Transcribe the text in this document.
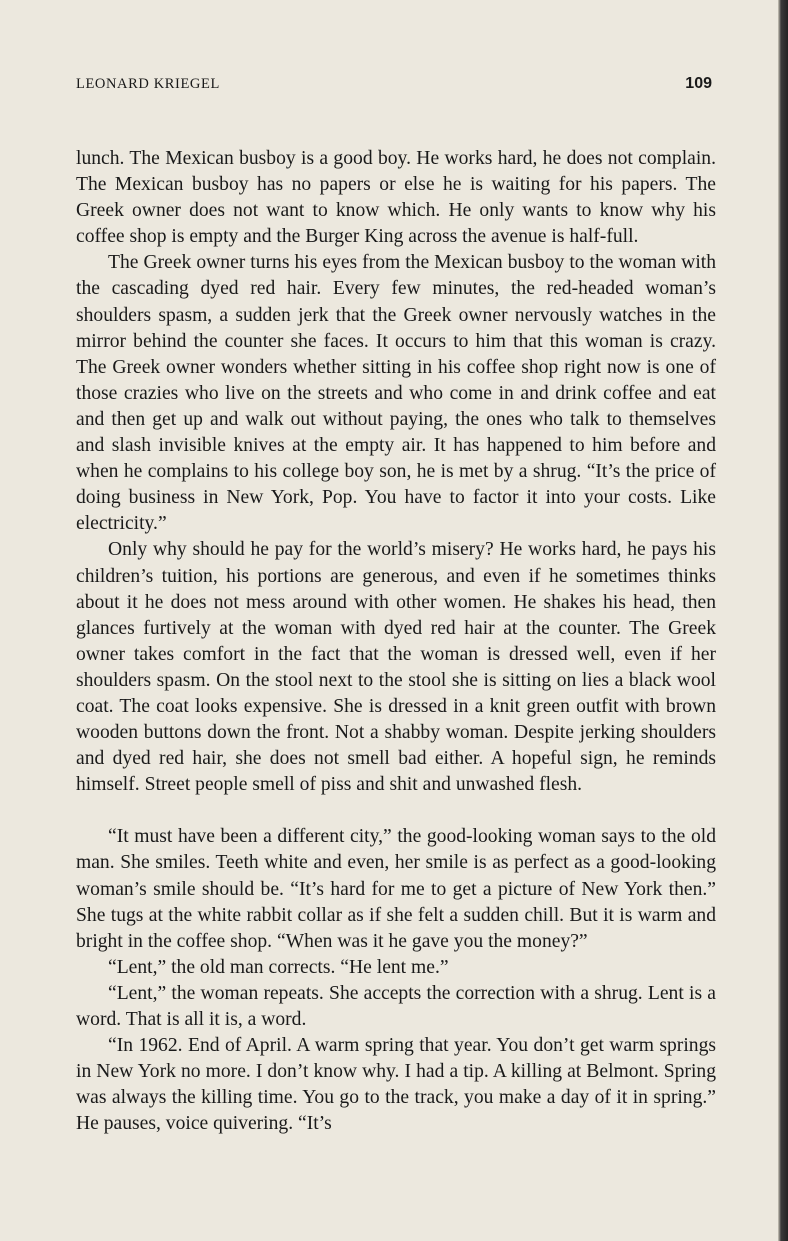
LEONARD KRIEGEL	109

lunch. The Mexican busboy is a good boy. He works hard, he does not complain. The Mexican busboy has no papers or else he is waiting for his papers. The Greek owner does not want to know which. He only wants to know why his coffee shop is empty and the Burger King across the avenue is half-full.

The Greek owner turns his eyes from the Mexican busboy to the woman with the cascading dyed red hair. Every few minutes, the red-headed woman’s shoulders spasm, a sudden jerk that the Greek owner nervously watches in the mirror behind the counter she faces. It occurs to him that this woman is crazy. The Greek owner wonders whether sitting in his coffee shop right now is one of those crazies who live on the streets and who come in and drink coffee and eat and then get up and walk out without paying, the ones who talk to themselves and slash invisible knives at the empty air. It has happened to him before and when he complains to his college boy son, he is met by a shrug. “It’s the price of doing business in New York, Pop. You have to factor it into your costs. Like electricity.”

Only why should he pay for the world’s misery? He works hard, he pays his children’s tuition, his portions are generous, and even if he sometimes thinks about it he does not mess around with other women. He shakes his head, then glances furtively at the woman with dyed red hair at the counter. The Greek owner takes comfort in the fact that the woman is dressed well, even if her shoulders spasm. On the stool next to the stool she is sitting on lies a black wool coat. The coat looks expensive. She is dressed in a knit green outfit with brown wooden buttons down the front. Not a shabby woman. Despite jerking shoulders and dyed red hair, she does not smell bad either. A hopeful sign, he reminds himself. Street people smell of piss and shit and unwashed flesh.

“It must have been a different city,” the good-looking woman says to the old man. She smiles. Teeth white and even, her smile is as perfect as a good-looking woman’s smile should be. “It’s hard for me to get a picture of New York then.” She tugs at the white rabbit collar as if she felt a sudden chill. But it is warm and bright in the coffee shop. “When was it he gave you the money?”

“Lent,” the old man corrects. “He lent me.”

“Lent,” the woman repeats. She accepts the correction with a shrug. Lent is a word. That is all it is, a word.

“In 1962. End of April. A warm spring that year. You don’t get warm springs in New York no more. I don’t know why. I had a tip. A killing at Belmont. Spring was always the killing time. You go to the track, you make a day of it in spring.” He pauses, voice quivering. “It’s
